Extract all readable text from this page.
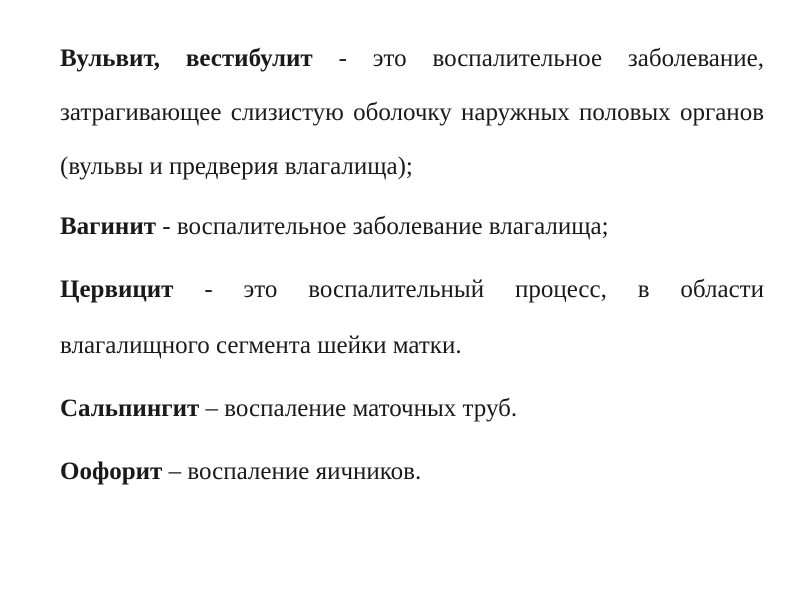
Вульвит, вестибулит - это воспалительное заболевание, затрагивающее слизистую оболочку наружных половых органов (вульвы и предверия влагалища);

Вагинит - воспалительное заболевание влагалища;

Цервицит - это воспалительный процесс, в области влагалищного сегмента шейки матки.

Сальпингит – воспаление маточных труб.

Оофорит – воспаление яичников.
